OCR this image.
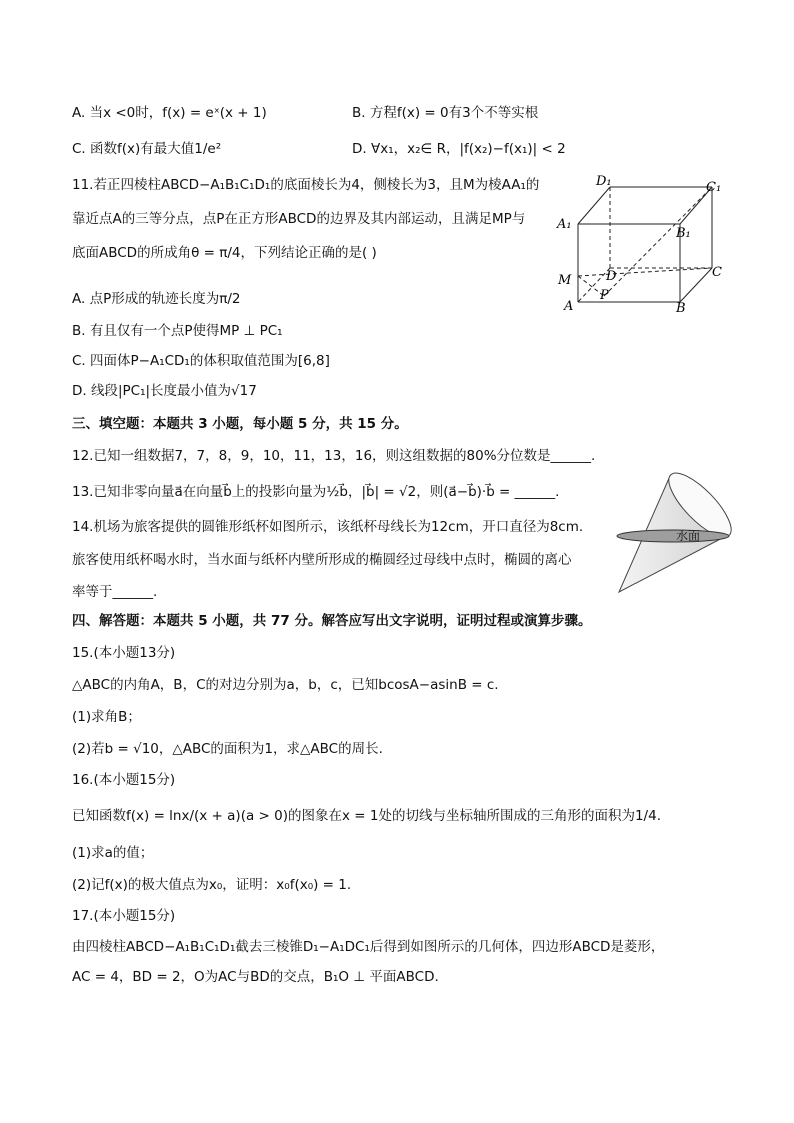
A. 当x <0时，f(x) = eˣ(x + 1)	B. 方程f(x) = 0有3个不等实根
C. 函数f(x)有最大值1/e²	D. ∀x₁，x₂∈ R，|f(x₂)−f(x₁)| < 2
11.若正四棱柱ABCD−A₁B₁C₁D₁的底面棱长为4，侧棱长为3，且M为棱AA₁的
靠近点A的三等分点，点P在正方形ABCD的边界及其内部运动，且满足MP与
底面ABCD的所成角θ = π/4，下列结论正确的是( )
A. 点P形成的轨迹长度为π/2
B. 有且仅有一个点P使得MP ⊥ PC₁
C. 四面体P−A₁CD₁的体积取值范围为[6,8]
D. 线段|PC₁|长度最小值为√17
D₁	C₁
A₁
B₁
M	D	C
A
P
B
三、填空题：本题共 3 小题，每小题 5 分，共 15 分。
12.已知一组数据7，7，8，9，10，11，13，16，则这组数据的80%分位数是______.
13.已知非零向量a⃗在向量b⃗上的投影向量为½b⃗，|b⃗| = √2，则(a⃗−b⃗)·b⃗ = ______.
14.机场为旅客提供的圆锥形纸杯如图所示，该纸杯母线长为12cm，开口直径为8cm.
旅客使用纸杯喝水时，当水面与纸杯内壁所形成的椭圆经过母线中点时，椭圆的离心
率等于______.
水面
四、解答题：本题共 5 小题，共 77 分。解答应写出文字说明，证明过程或演算步骤。
15.(本小题13分)
△ABC的内角A，B，C的对边分别为a，b，c，已知bcosA−asinB = c.
(1)求角B；
(2)若b = √10，△ABC的面积为1，求△ABC的周长.
16.(本小题15分)
已知函数f(x) = lnx/(x + a)(a > 0)的图象在x = 1处的切线与坐标轴所围成的三角形的面积为1/4.
(1)求a的值；
(2)记f(x)的极大值点为x₀，证明：x₀f(x₀) = 1.
17.(本小题15分)
由四棱柱ABCD−A₁B₁C₁D₁截去三棱锥D₁−A₁DC₁后得到如图所示的几何体，四边形ABCD是菱形，
AC = 4，BD = 2，O为AC与BD的交点，B₁O ⊥ 平面ABCD.
